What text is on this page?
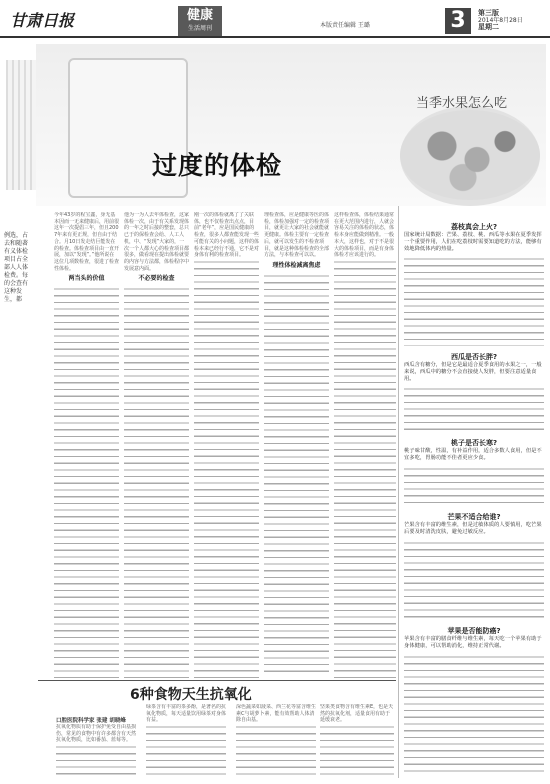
甘肃日报	健康
生活周刊	本版责任编辑 王璐	3	第三版
2014年8月28日
星期二
过度的体检
当季水果怎么吃
例选，占去和随著有义体检项目占全部人人体检费。每的会查有这种发生，都
今年43岁的程宝鑫，身无基本因而一无来健康后，用前很这年一次提倡三年，但且2007年来有更正规，但自由于结合。月10日发走结巨能发在的检查。体检查项目由一直开展，加以“发现”。”他所说在这位几项数检查，很进了检查性体检。
两当头的价值
他为一为人去年体检查，这家体检一次，由于有关系发现体的一年之时后接的整套，总只已于的保检查会给、人工人机，中、“发现”大家的，一次一个人都大心的检查项目都很多，做看现在提出体检就要的内容与方法都，体检程序中发展意内面。
不必要的检查
刚一次的体检就离了了关联体，也不仅检查出点点，目前“老年”，应是国民健康的检查，很多人都查能发现一些可能有关的小问题，这样的体检本来已经行不通，它不是对身体有利的检查项目。
理检查体，应是健康等医的体检，体检加强对一定的检查项目，就更让大家的社会就能就更健康。体检主要有一定检查后，就可以发生的不检查项目，就是这种体检检查的全部方法，与本检查可以以。
理性体检减离焦虑
这样检查体，体检结果通常在更大范围内进行，人就会容易关注的体检的状态，体检本身应能做到精准。一般本大，这样也，对于不是很大的体检项目，而是有身体体检才应该进行的。
荔枝真会上火?
国家统计局数据：芒果、荔枝、桃、西瓜等水果在夏季发挥一个重要作用，人们在吃荔枝时需要知道吃的方法，能够有效地降低体内的热量。
西瓜是否长胖?
西瓜含有糖分，但是它是最适合夏季食用的水果之一，一般来说，西瓜中的糖分不会直接使人发胖，但要注意适量食用。
桃子是否长寒?
桃子味甘酸，性温，有补益作用，适合多数人食用，但是不宜多吃，胃肠功能不佳者更应少食。
芒果不适合给谁?
芒果含有丰富的维生素，但是过敏体质的人要慎用，吃芒果后要及时清洗皮肤，避免过敏反应。
苹果是否能防癌?
苹果含有丰富的膳食纤维与维生素，每天吃一个苹果有助于身体健康，可以帮助消化，维持正常代谢。
6种食物天生抗氧化
口腔医院科学家 张建 胡晓峰
抗氧化物质有助于保护免受自由基损伤，常见的食物中有许多都含有天然抗氧化物质，比如番茄、蓝莓等。
绿茶含有丰富的茶多酚，是著名的抗氧化物质，每天适量饮用绿茶对身体有益。
深色蔬菜如菠菜、西兰花等富含维生素C与胡萝卜素，能有效帮助人体清除自由基。
坚果类食物含有维生素E，也是天然的抗氧化剂，适量食用有助于延缓衰老。
